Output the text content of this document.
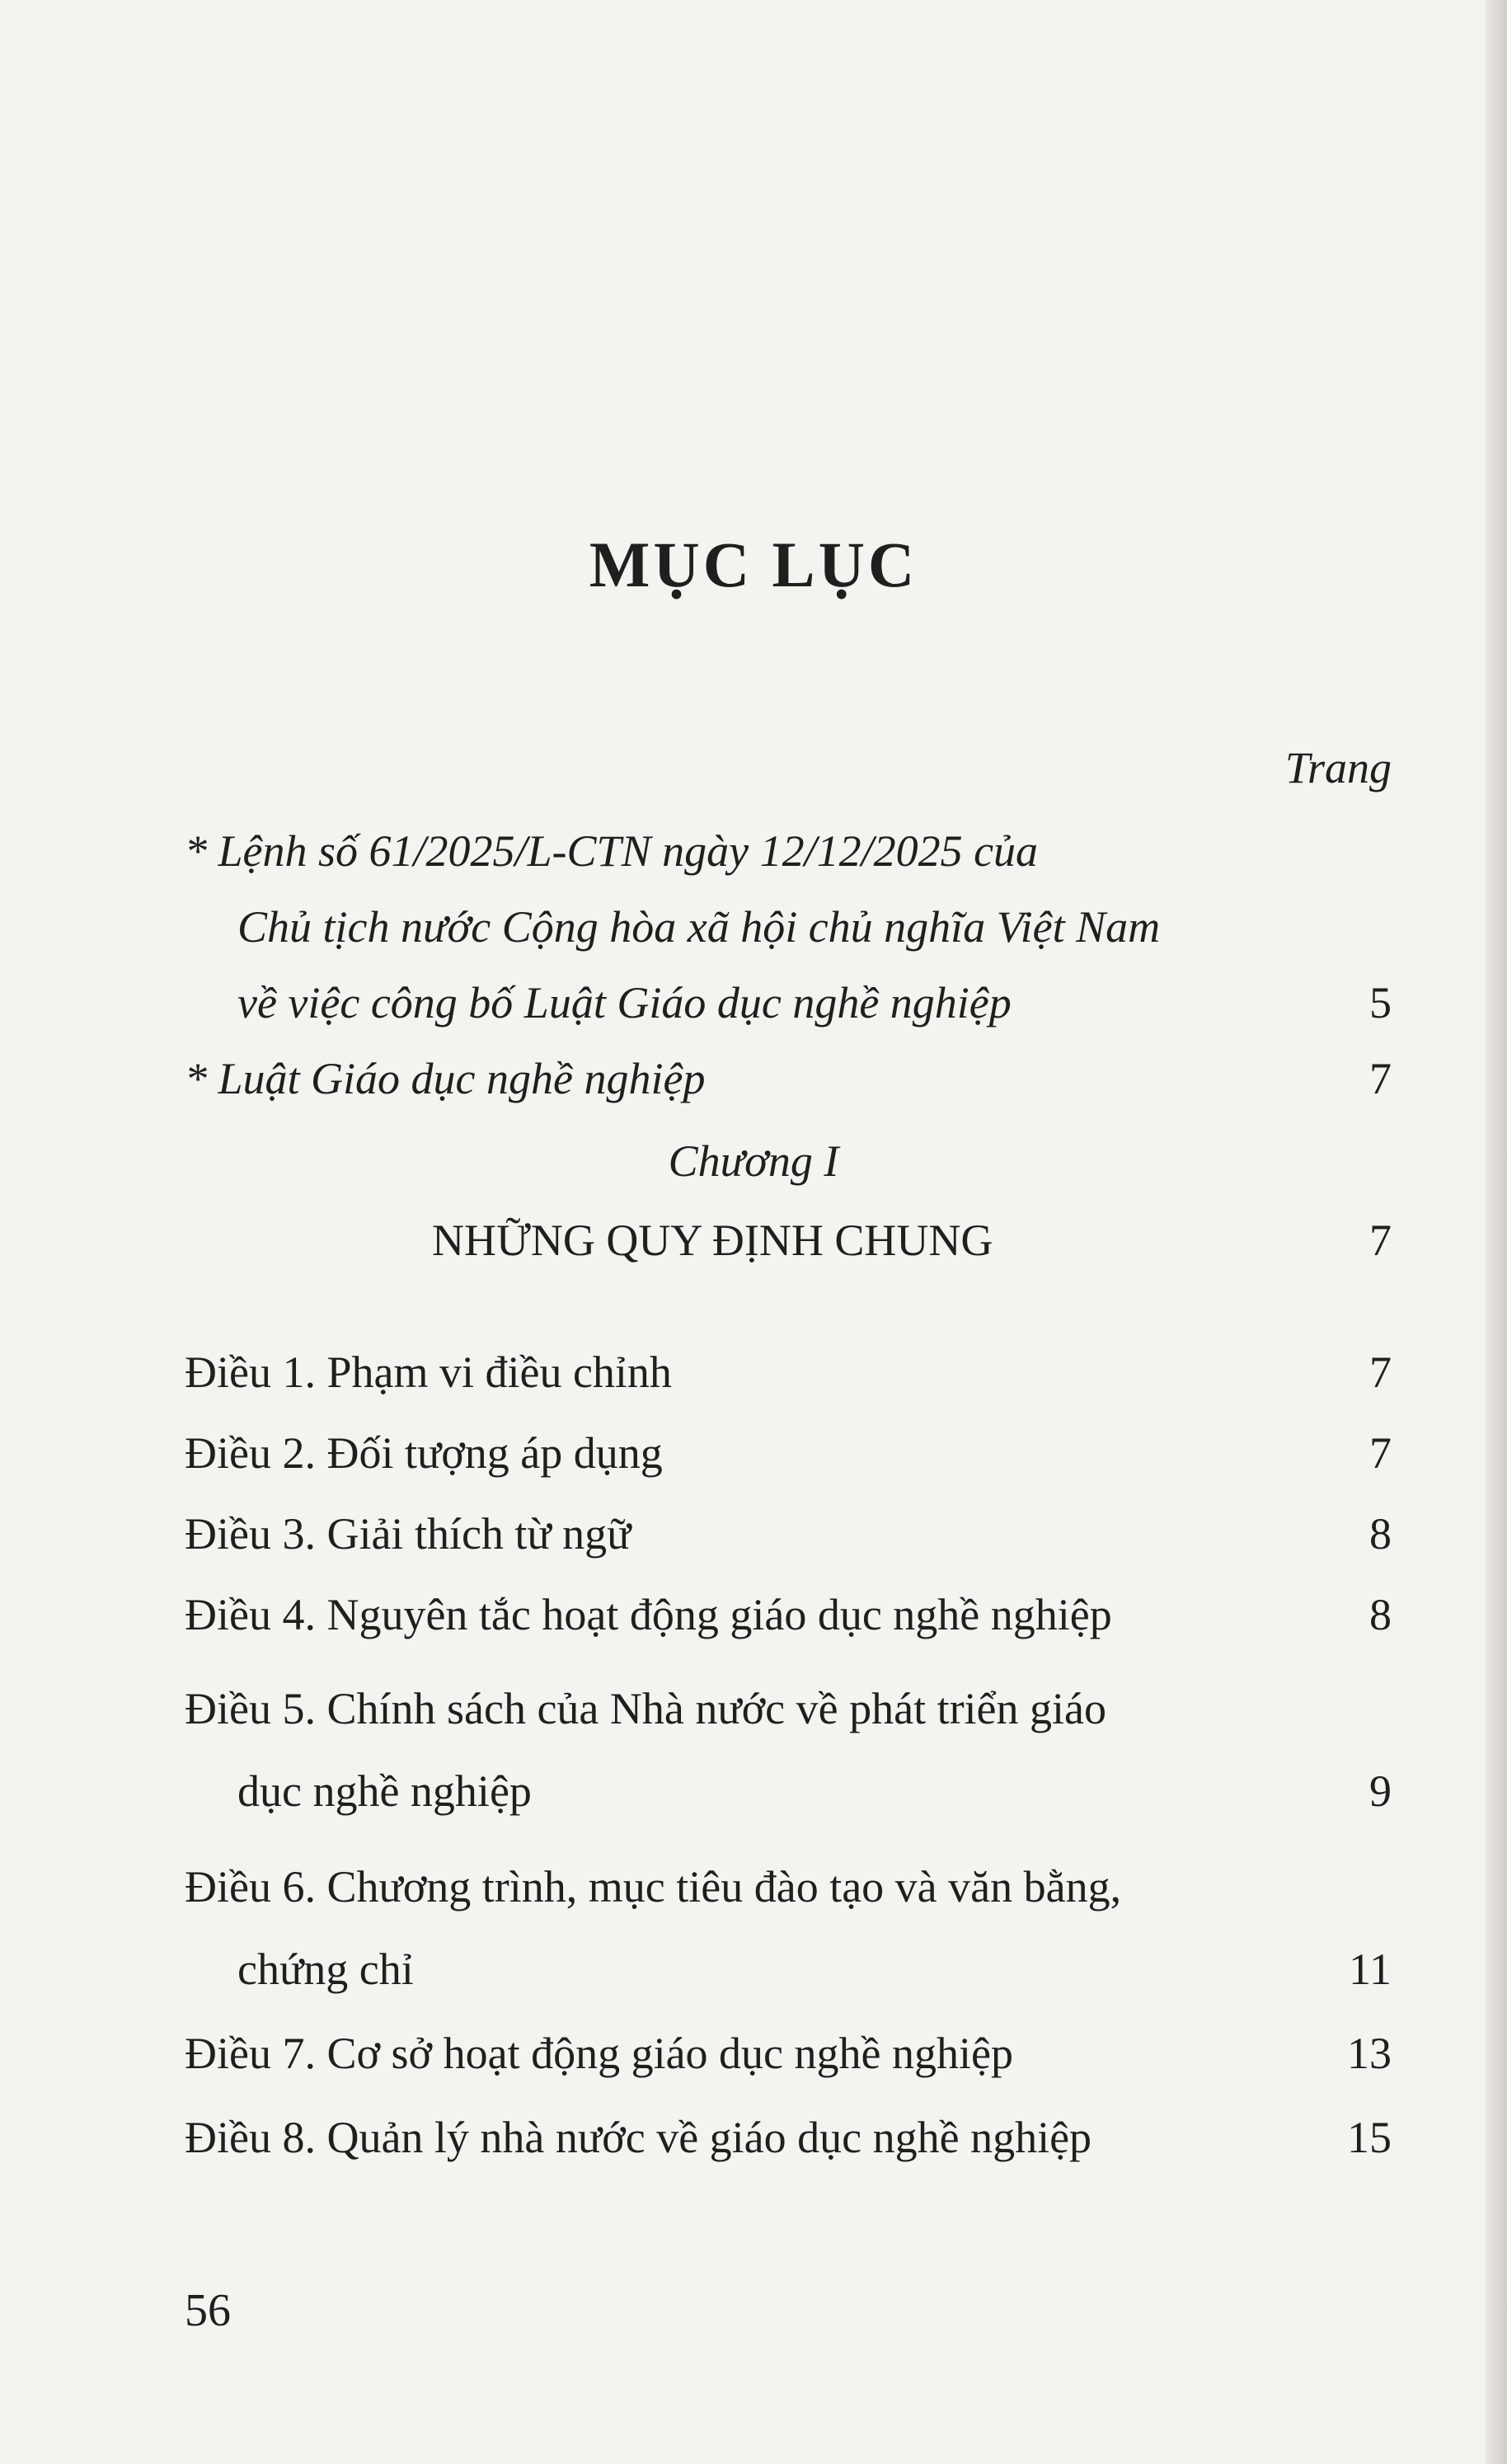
MỤC LỤC
Trang
* Lệnh số 61/2025/L-CTN ngày 12/12/2025 của
Chủ tịch nước Cộng hòa xã hội chủ nghĩa Việt Nam
về việc công bố Luật Giáo dục nghề nghiệp	5
* Luật Giáo dục nghề nghiệp	7
Chương I
NHỮNG QUY ĐỊNH CHUNG	7
Điều 1. Phạm vi điều chỉnh	7
Điều 2. Đối tượng áp dụng	7
Điều 3. Giải thích từ ngữ	8
Điều 4. Nguyên tắc hoạt động giáo dục nghề nghiệp	8
Điều 5. Chính sách của Nhà nước về phát triển giáo
dục nghề nghiệp	9
Điều 6. Chương trình, mục tiêu đào tạo và văn bằng,
chứng chỉ	11
Điều 7. Cơ sở hoạt động giáo dục nghề nghiệp	13
Điều 8. Quản lý nhà nước về giáo dục nghề nghiệp	15
56
